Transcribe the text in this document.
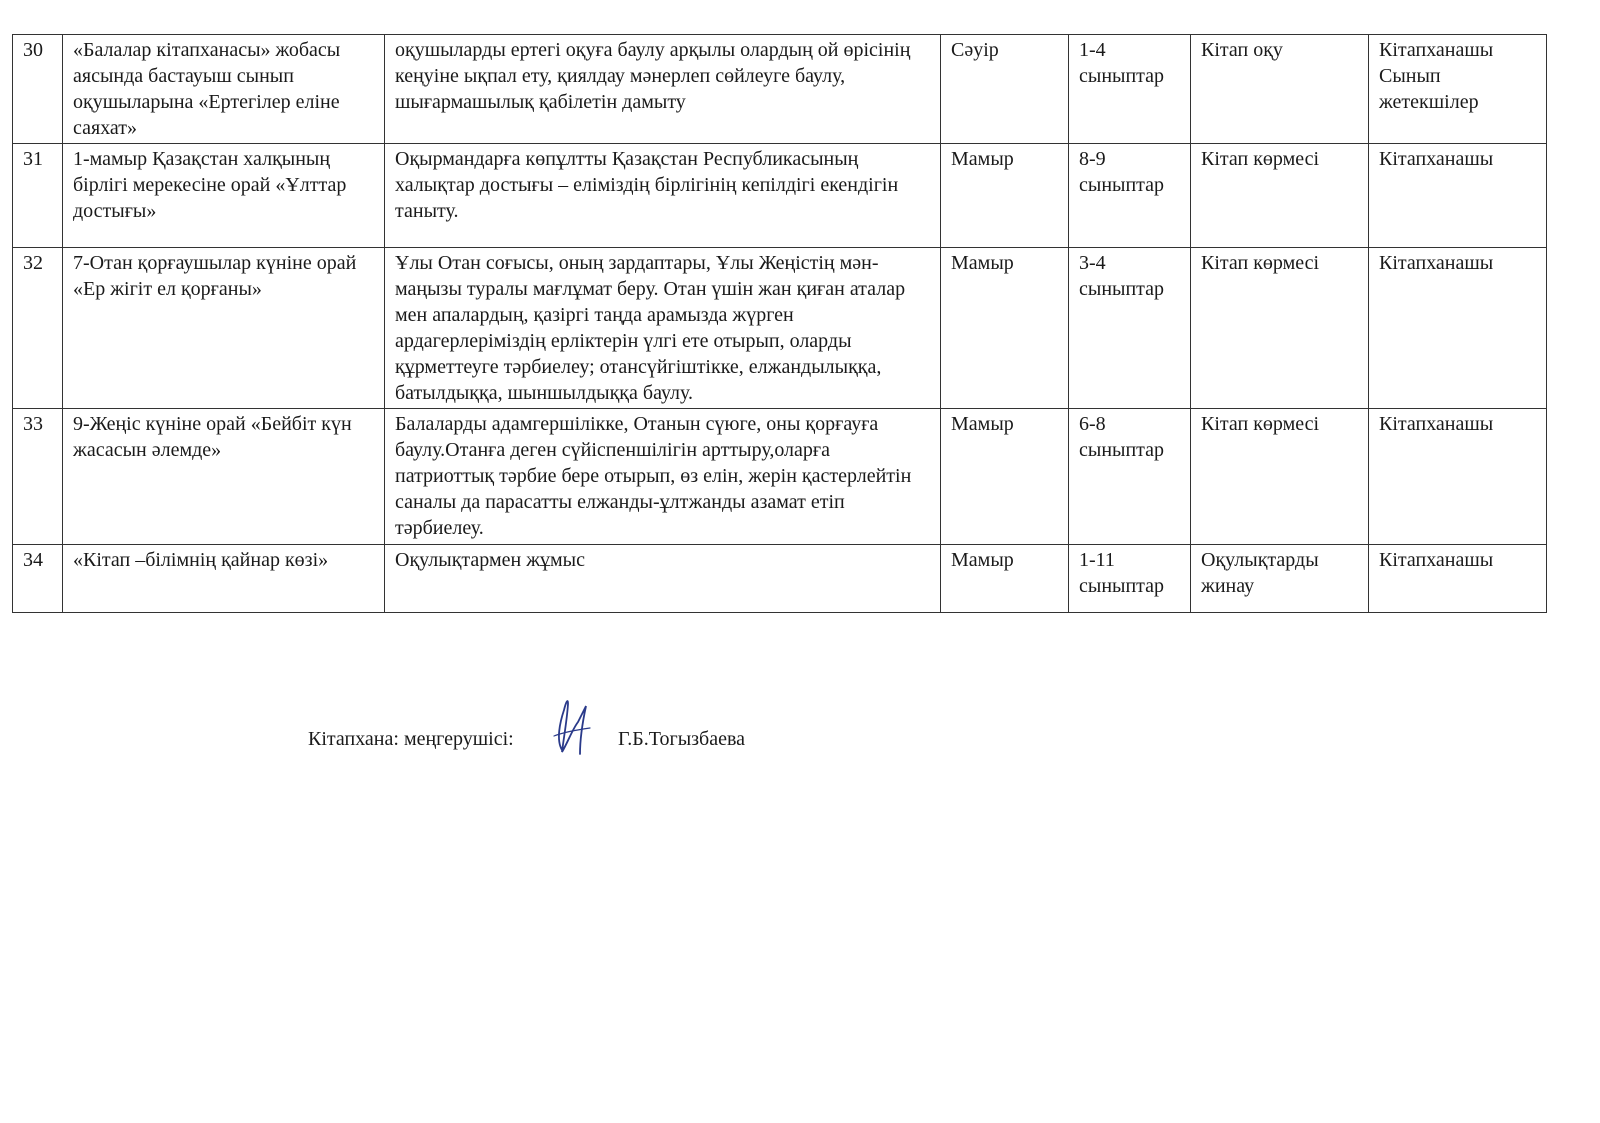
30	«Балалар кітапханасы» жобасы аясында бастауыш сынып оқушыларына «Ертегілер еліне саяхат»	оқушыларды ертегі оқуға баулу арқылы олардың ой өрісінің кеңуіне ықпал ету, қиялдау мәнерлеп сөйлеуге баулу, шығармашылық қабілетін дамыту	Сәуір	1-4 сыныптар	Кітап оқу	Кітапханашы Сынып жетекшілер
31	1-мамыр Қазақстан халқының бірлігі мерекесіне орай «Ұлттар достығы»	Оқырмандарға көпұлтты Қазақстан Республикасының халықтар достығы – еліміздің бірлігінің кепілдігі екендігін таныту.	Мамыр	8-9 сыныптар	Кітап көрмесі	Кітапханашы
32	7-Отан қорғаушылар күніне орай «Ер жігіт ел қорғаны»	Ұлы Отан соғысы, оның зардаптары, Ұлы Жеңістің мән-маңызы туралы мағлұмат беру. Отан үшін жан қиған аталар мен апалардың, қазіргі таңда арамызда жүрген ардагерлеріміздің ерліктерін үлгі ете отырып, оларды құрметтеуге тәрбиелеу; отансүйгіштікке, елжандылыққа, батылдыққа, шыншылдыққа баулу.	Мамыр	3-4 сыныптар	Кітап көрмесі	Кітапханашы
33	9-Жеңіс күніне орай «Бейбіт күн жасасын әлемде»	Балаларды адамгершілікке, Отанын сүюге, оны қорғауға баулу.Отанға деген сүйіспеншілігін арттыру,оларға патриоттық тәрбие бере отырып, өз елін, жерін қастерлейтін саналы да парасатты елжанды-ұлтжанды азамат етіп тәрбиелеу.	Мамыр	6-8 сыныптар	Кітап көрмесі	Кітапханашы
34	«Кітап –білімнің қайнар көзі»	Оқулықтармен жұмыс	Мамыр	1-11 сыныптар	Оқулықтарды жинау	Кітапханашы
Кітапхана: меңгерушісі:	Г.Б.Тогызбаева
